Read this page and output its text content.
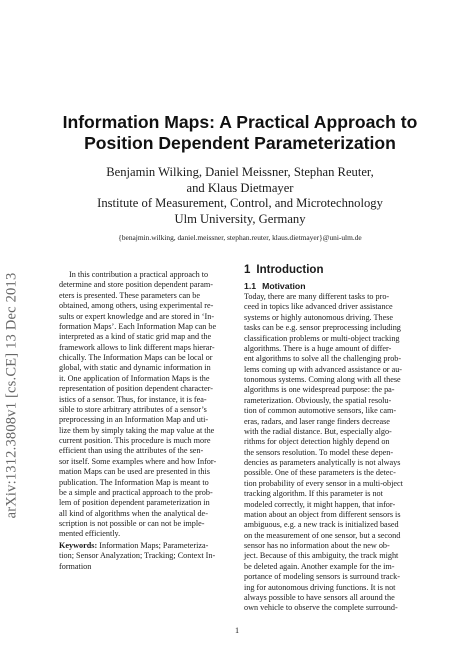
arXiv:1312.3808v1 [cs.CE] 13 Dec 2013
Information Maps: A Practical Approach to
Position Dependent Parameterization
Benjamin Wilking, Daniel Meissner, Stephan Reuter,
and Klaus Dietmayer
Institute of Measurement, Control, and Microtechnology
Ulm University, Germany
{benajmin.wilking, daniel.meissner, stephan.reuter, klaus.dietmayer}@uni-ulm.de

In this contribution a practical approach to
determine and store position dependent param-
eters is presented. These parameters can be
obtained, among others, using experimental re-
sults or expert knowledge and are stored in ‘In-
formation Maps’. Each Information Map can be
interpreted as a kind of static grid map and the
framework allows to link different maps hierar-
chically. The Information Maps can be local or
global, with static and dynamic information in
it. One application of Information Maps is the
representation of position dependent character-
istics of a sensor. Thus, for instance, it is fea-
sible to store arbitrary attributes of a sensor’s
preprocessing in an Information Map and uti-
lize them by simply taking the map value at the
current position. This procedure is much more
efficient than using the attributes of the sen-
sor itself. Some examples where and how Infor-
mation Maps can be used are presented in this
publication. The Information Map is meant to
be a simple and practical approach to the prob-
lem of position dependent parameterization in
all kind of algorithms when the analytical de-
scription is not possible or can not be imple-
mented efficiently.

Keywords: Information Maps; Parameteriza-
tion; Sensor Analyzation; Tracking; Context In-
formation
1 Introduction
1.1 Motivation
Today, there are many different tasks to pro-
ceed in topics like advanced driver assistance
systems or highly autonomous driving. These
tasks can be e.g. sensor preprocessing including
classification problems or multi-object tracking
algorithms. There is a huge amount of differ-
ent algorithms to solve all the challenging prob-
lems coming up with advanced assistance or au-
tonomous systems. Coming along with all these
algorithms is one widespread purpose: the pa-
rameterization. Obviously, the spatial resolu-
tion of common automotive sensors, like cam-
eras, radars, and laser range finders decrease
with the radial distance. But, especially algo-
rithms for object detection highly depend on
the sensors resolution. To model these depen-
dencies as parameters analytically is not always
possible. One of these parameters is the detec-
tion probability of every sensor in a multi-object
tracking algorithm. If this parameter is not
modeled correctly, it might happen, that infor-
mation about an object from different sensors is
ambiguous, e.g. a new track is initialized based
on the measurement of one sensor, but a second
sensor has no information about the new ob-
ject. Because of this ambiguity, the track might
be deleted again. Another example for the im-
portance of modeling sensors is surround track-
ing for autonomous driving functions. It is not
always possible to have sensors all around the
own vehicle to observe the complete surround-
1
